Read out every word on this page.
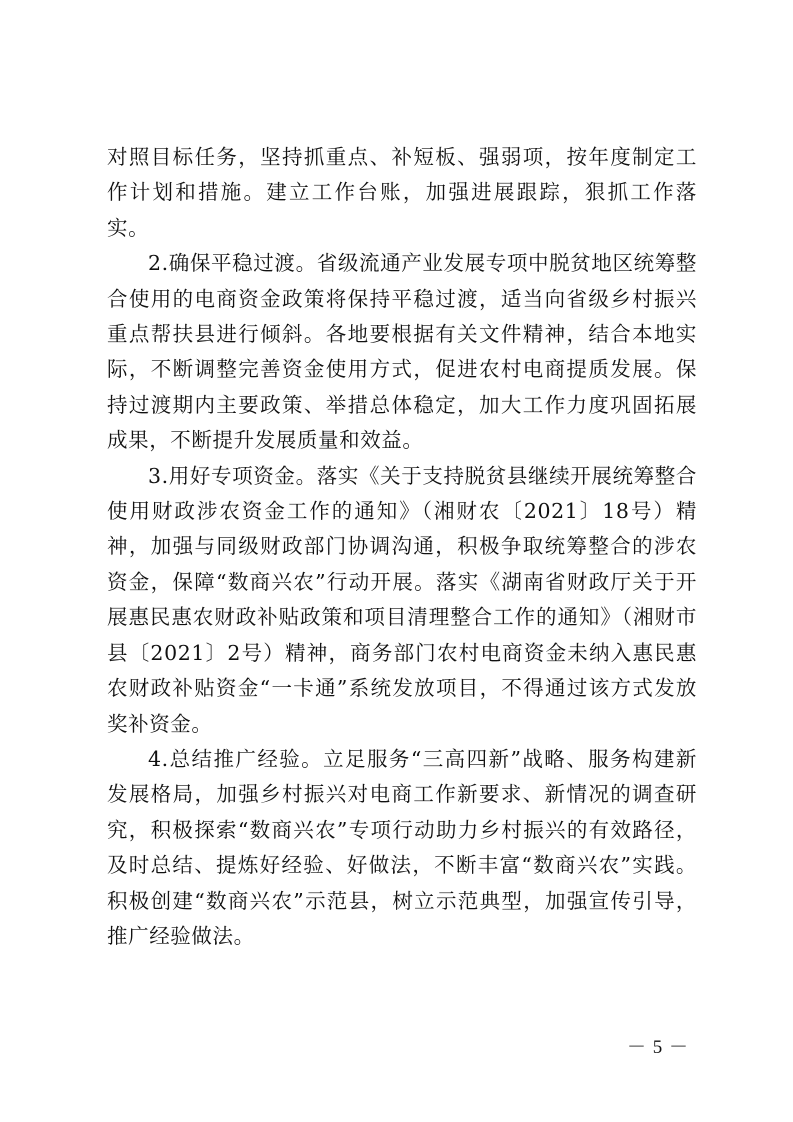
对照目标任务，坚持抓重点、补短板、强弱项，按年度制定工作计划和措施。建立工作台账，加强进展跟踪，狠抓工作落实。

2.确保平稳过渡。省级流通产业发展专项中脱贫地区统筹整合使用的电商资金政策将保持平稳过渡，适当向省级乡村振兴重点帮扶县进行倾斜。各地要根据有关文件精神，结合本地实际，不断调整完善资金使用方式，促进农村电商提质发展。保持过渡期内主要政策、举措总体稳定，加大工作力度巩固拓展成果，不断提升发展质量和效益。

3.用好专项资金。落实《关于支持脱贫县继续开展统筹整合使用财政涉农资金工作的通知》（湘财农〔2021〕18号）精神，加强与同级财政部门协调沟通，积极争取统筹整合的涉农资金，保障“数商兴农”行动开展。落实《湖南省财政厅关于开展惠民惠农财政补贴政策和项目清理整合工作的通知》（湘财市县〔2021〕2号）精神，商务部门农村电商资金未纳入惠民惠农财政补贴资金“一卡通”系统发放项目，不得通过该方式发放奖补资金。

4.总结推广经验。立足服务“三高四新”战略、服务构建新发展格局，加强乡村振兴对电商工作新要求、新情况的调查研究，积极探索“数商兴农”专项行动助力乡村振兴的有效路径，及时总结、提炼好经验、好做法，不断丰富“数商兴农”实践。积极创建“数商兴农”示范县，树立示范典型，加强宣传引导，推广经验做法。

－ 5 －
